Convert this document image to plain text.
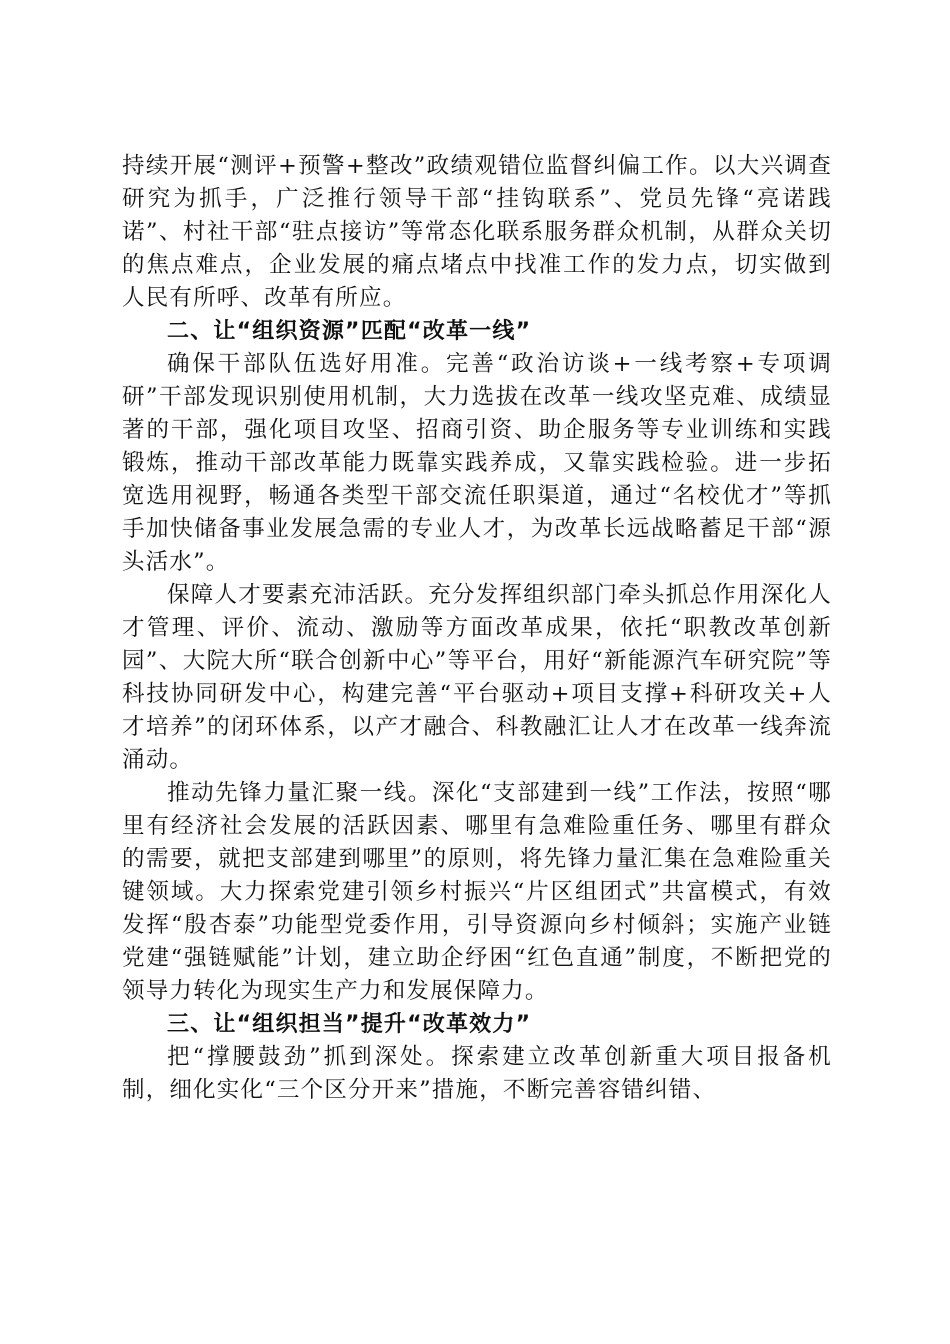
持续开展“测评+预警+整改”政绩观错位监督纠偏工作。以大兴调查研究为抓手，广泛推行领导干部“挂钩联系”、党员先锋“亮诺践诺”、村社干部“驻点接访”等常态化联系服务群众机制，从群众关切的焦点难点，企业发展的痛点堵点中找准工作的发力点，切实做到人民有所呼、改革有所应。

二、让“组织资源”匹配“改革一线”

确保干部队伍选好用准。完善“政治访谈+一线考察+专项调研”干部发现识别使用机制，大力选拔在改革一线攻坚克难、成绩显著的干部，强化项目攻坚、招商引资、助企服务等专业训练和实践锻炼，推动干部改革能力既靠实践养成，又靠实践检验。进一步拓宽选用视野，畅通各类型干部交流任职渠道，通过“名校优才”等抓手加快储备事业发展急需的专业人才，为改革长远战略蓄足干部“源头活水”。

保障人才要素充沛活跃。充分发挥组织部门牵头抓总作用深化人才管理、评价、流动、激励等方面改革成果，依托“职教改革创新园”、大院大所“联合创新中心”等平台，用好“新能源汽车研究院”等科技协同研发中心，构建完善“平台驱动+项目支撑+科研攻关+人才培养”的闭环体系，以产才融合、科教融汇让人才在改革一线奔流涌动。

推动先锋力量汇聚一线。深化“支部建到一线”工作法，按照“哪里有经济社会发展的活跃因素、哪里有急难险重任务、哪里有群众的需要，就把支部建到哪里”的原则，将先锋力量汇集在急难险重关键领域。大力探索党建引领乡村振兴“片区组团式”共富模式，有效发挥“殷杏泰”功能型党委作用，引导资源向乡村倾斜；实施产业链党建“强链赋能”计划，建立助企纾困“红色直通”制度，不断把党的领导力转化为现实生产力和发展保障力。

三、让“组织担当”提升“改革效力”

把“撑腰鼓劲”抓到深处。探索建立改革创新重大项目报备机制，细化实化“三个区分开来”措施，不断完善容错纠错、
